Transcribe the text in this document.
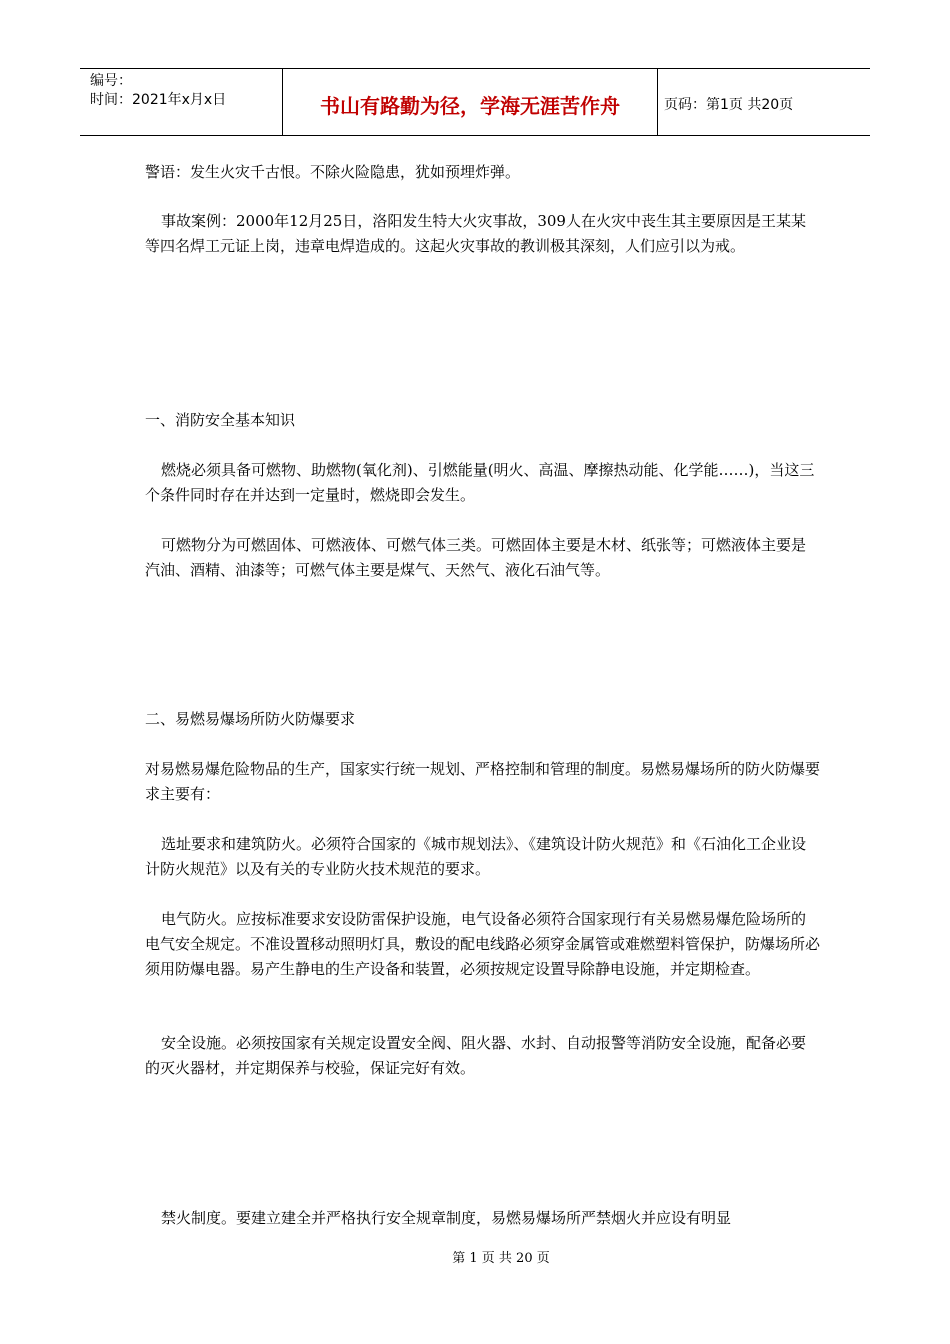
编号：
时间：2021年x月x日	书山有路勤为径，学海无涯苦作舟	页码：第1页 共20页

警语：发生火灾千古恨。不除火险隐患，犹如预埋炸弹。

事故案例：2000年12月25日，洛阳发生特大火灾事故，309人在火灾中丧生其主要原因是王某某等四名焊工元证上岗，违章电焊造成的。这起火灾事故的教训极其深刻，人们应引以为戒。

一、消防安全基本知识

燃烧必须具备可燃物、助燃物(氧化剂)、引燃能量(明火、高温、摩擦热动能、化学能……)，当这三个条件同时存在并达到一定量时，燃烧即会发生。

可燃物分为可燃固体、可燃液体、可燃气体三类。可燃固体主要是木材、纸张等；可燃液体主要是汽油、酒精、油漆等；可燃气体主要是煤气、天然气、液化石油气等。

二、易燃易爆场所防火防爆要求

对易燃易爆危险物品的生产，国家实行统一规划、严格控制和管理的制度。易燃易爆场所的防火防爆要求主要有：

选址要求和建筑防火。必须符合国家的《城市规划法》、《建筑设计防火规范》和《石油化工企业设计防火规范》以及有关的专业防火技术规范的要求。

电气防火。应按标准要求安设防雷保护设施，电气设备必须符合国家现行有关易燃易爆危险场所的电气安全规定。不准设置移动照明灯具，敷设的配电线路必须穿金属管或难燃塑料管保护，防爆场所必须用防爆电器。易产生静电的生产设备和装置，必须按规定设置导除静电设施，并定期检查。

安全设施。必须按国家有关规定设置安全阀、阻火器、水封、自动报警等消防安全设施，配备必要的灭火器材，并定期保养与校验，保证完好有效。

禁火制度。要建立建全并严格执行安全规章制度，易燃易爆场所严禁烟火并应设有明显

第 1 页 共 20 页
